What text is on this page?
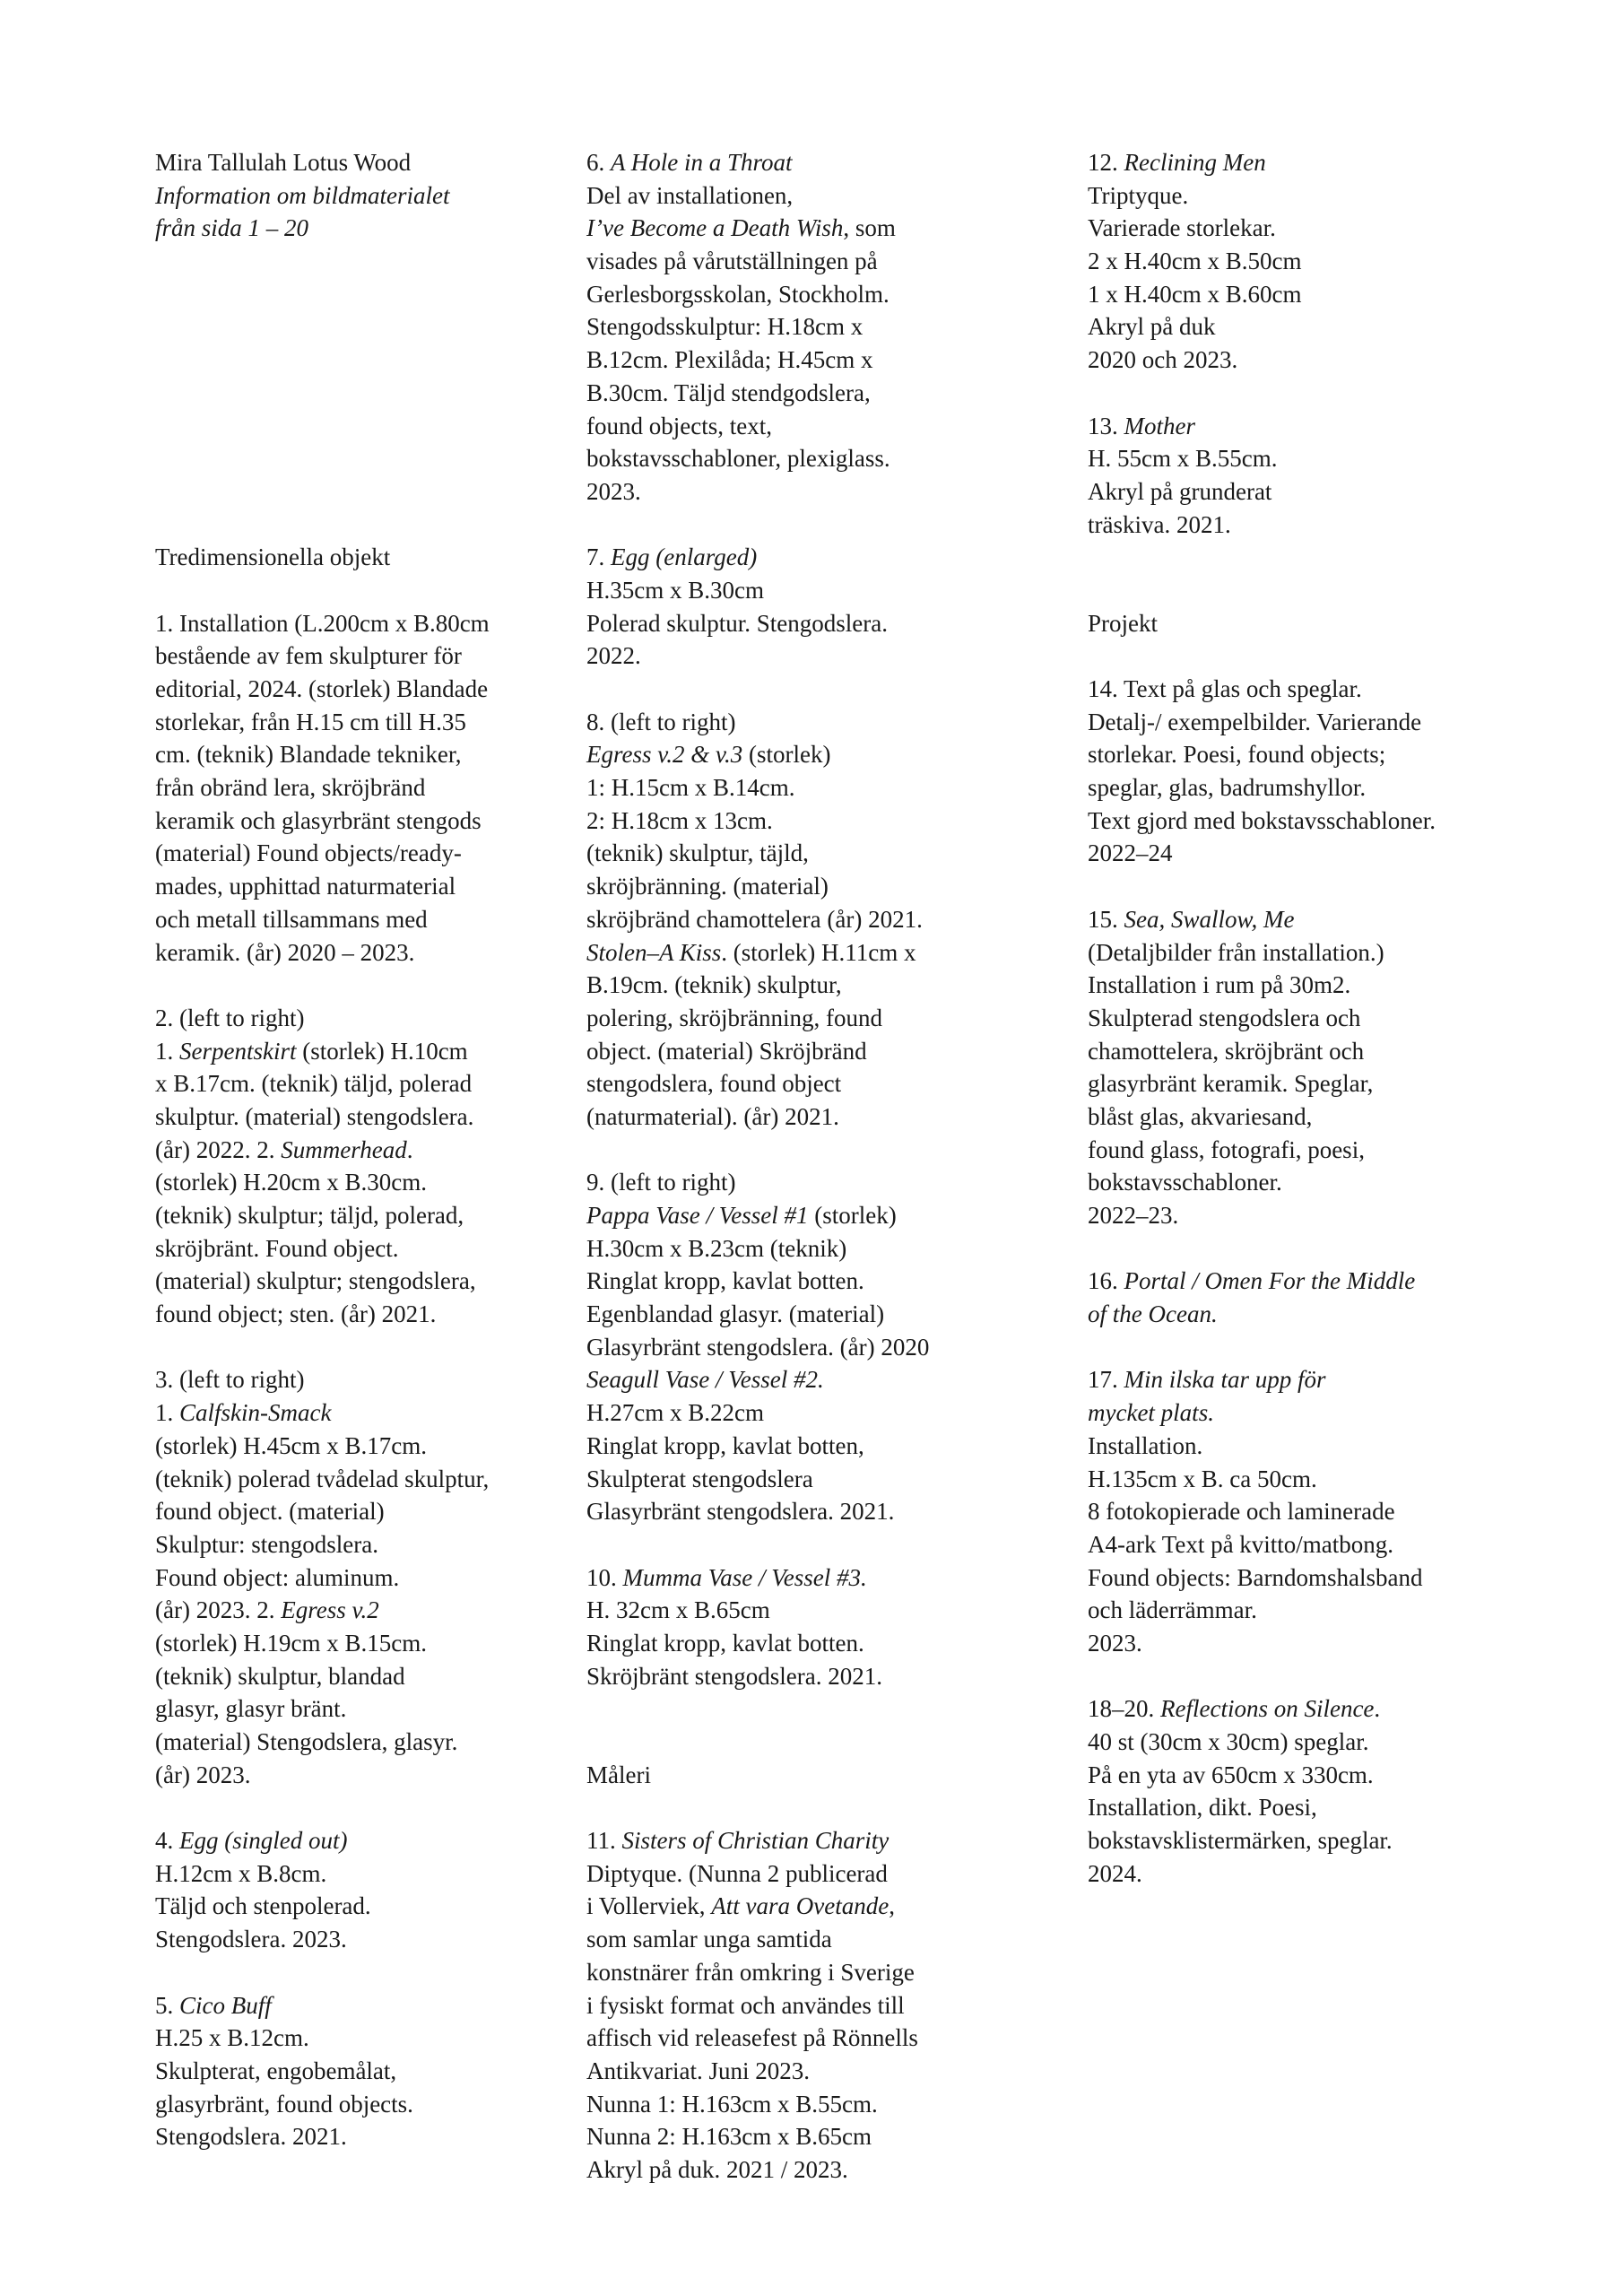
Mira Tallulah Lotus Wood
Information om bildmaterialet
från sida 1 – 20
Tredimensionella objekt
1. Installation (L.200cm x B.80cm
bestående av fem skulpturer för
editorial, 2024. (storlek) Blandade
storlekar, från H.15 cm till H.35
cm. (teknik) Blandade tekniker,
från obränd lera, skröjbränd
keramik och glasyrbränt stengods
(material) Found objects/ready-
mades, upphittad naturmaterial
och metall tillsammans med
keramik. (år) 2020 – 2023.
2. (left to right)
1. Serpentskirt (storlek) H.10cm
x B.17cm. (teknik) täljd, polerad
skulptur. (material) stengodslera.
(år) 2022. 2. Summerhead.
(storlek) H.20cm x B.30cm.
(teknik) skulptur; täljd, polerad,
skröjbränt. Found object.
(material) skulptur; stengodslera,
found object; sten. (år) 2021.
3. (left to right)
1. Calfskin-Smack
(storlek) H.45cm x B.17cm.
(teknik) polerad tvådelad skulptur,
found object. (material)
Skulptur: stengodslera.
Found object: aluminum.
(år) 2023. 2. Egress v.2
(storlek) H.19cm x B.15cm.
(teknik) skulptur, blandad
glasyr, glasyr bränt.
(material) Stengodslera, glasyr.
(år) 2023.
4. Egg (singled out)
H.12cm x B.8cm.
Täljd och stenpolerad.
Stengodslera. 2023.
5. Cico Buff
H.25 x B.12cm.
Skulpterat, engobemålat,
glasyrbränt, found objects.
Stengodslera. 2021.
6. A Hole in a Throat
Del av installationen,
I’ve Become a Death Wish, som
visades på vårutställningen på
Gerlesborgsskolan, Stockholm.
Stengodsskulptur: H.18cm x
B.12cm. Plexilåda; H.45cm x
B.30cm. Täljd stendgodslera,
found objects, text,
bokstavsschabloner, plexiglass.
2023.
7. Egg (enlarged)
H.35cm x B.30cm
Polerad skulptur. Stengodslera.
2022.
8. (left to right)
Egress v.2 & v.3 (storlek)
1: H.15cm x B.14cm.
2: H.18cm x 13cm.
(teknik) skulptur, täjld,
skröjbränning. (material)
skröjbränd chamottelera (år) 2021.
Stolen–A Kiss. (storlek) H.11cm x
B.19cm. (teknik) skulptur,
polering, skröjbränning, found
object. (material) Skröjbränd
stengodslera, found object
(naturmaterial). (år) 2021.
9. (left to right)
Pappa Vase / Vessel #1 (storlek)
H.30cm x B.23cm (teknik)
Ringlat kropp, kavlat botten.
Egenblandad glasyr. (material)
Glasyrbränt stengodslera. (år) 2020
Seagull Vase / Vessel #2.
H.27cm x B.22cm
Ringlat kropp, kavlat botten,
Skulpterat stengodslera
Glasyrbränt stengodslera. 2021.
10. Mumma Vase / Vessel #3.
H. 32cm x B.65cm
Ringlat kropp, kavlat botten.
Skröjbränt stengodslera. 2021.
Måleri
11. Sisters of Christian Charity
Diptyque. (Nunna 2 publicerad
i Vollerviek, Att vara Ovetande,
som samlar unga samtida
konstnärer från omkring i Sverige
i fysiskt format och användes till
affisch vid releasefest på Rönnells
Antikvariat. Juni 2023.
Nunna 1: H.163cm x B.55cm.
Nunna 2: H.163cm x B.65cm
Akryl på duk. 2021 / 2023.
12. Reclining Men
Triptyque.
Varierade storlekar.
2 x H.40cm x B.50cm
1 x H.40cm x B.60cm
Akryl på duk
2020 och 2023.
13. Mother
H. 55cm x B.55cm.
Akryl på grunderat
träskiva. 2021.
Projekt
14. Text på glas och speglar.
Detalj-/ exempelbilder. Varierande
storlekar. Poesi, found objects;
speglar, glas, badrumshyllor.
Text gjord med bokstavsschabloner.
2022–24
15. Sea, Swallow, Me
(Detaljbilder från installation.)
Installation i rum på 30m2.
Skulpterad stengodslera och
chamottelera, skröjbränt och
glasyrbränt keramik. Speglar,
blåst glas, akvariesand,
found glass, fotografi, poesi,
bokstavsschabloner.
2022–23.
16. Portal / Omen For the Middle
of the Ocean.
17. Min ilska tar upp för
mycket plats.
Installation.
H.135cm x B. ca 50cm.
8 fotokopierade och laminerade
A4-ark Text på kvitto/matbong.
Found objects: Barndomshalsband
och läderrämmar.
2023.
18–20. Reflections on Silence.
40 st (30cm x 30cm) speglar.
På en yta av 650cm x 330cm.
Installation, dikt. Poesi,
bokstavsklistermärken, speglar.
2024.
